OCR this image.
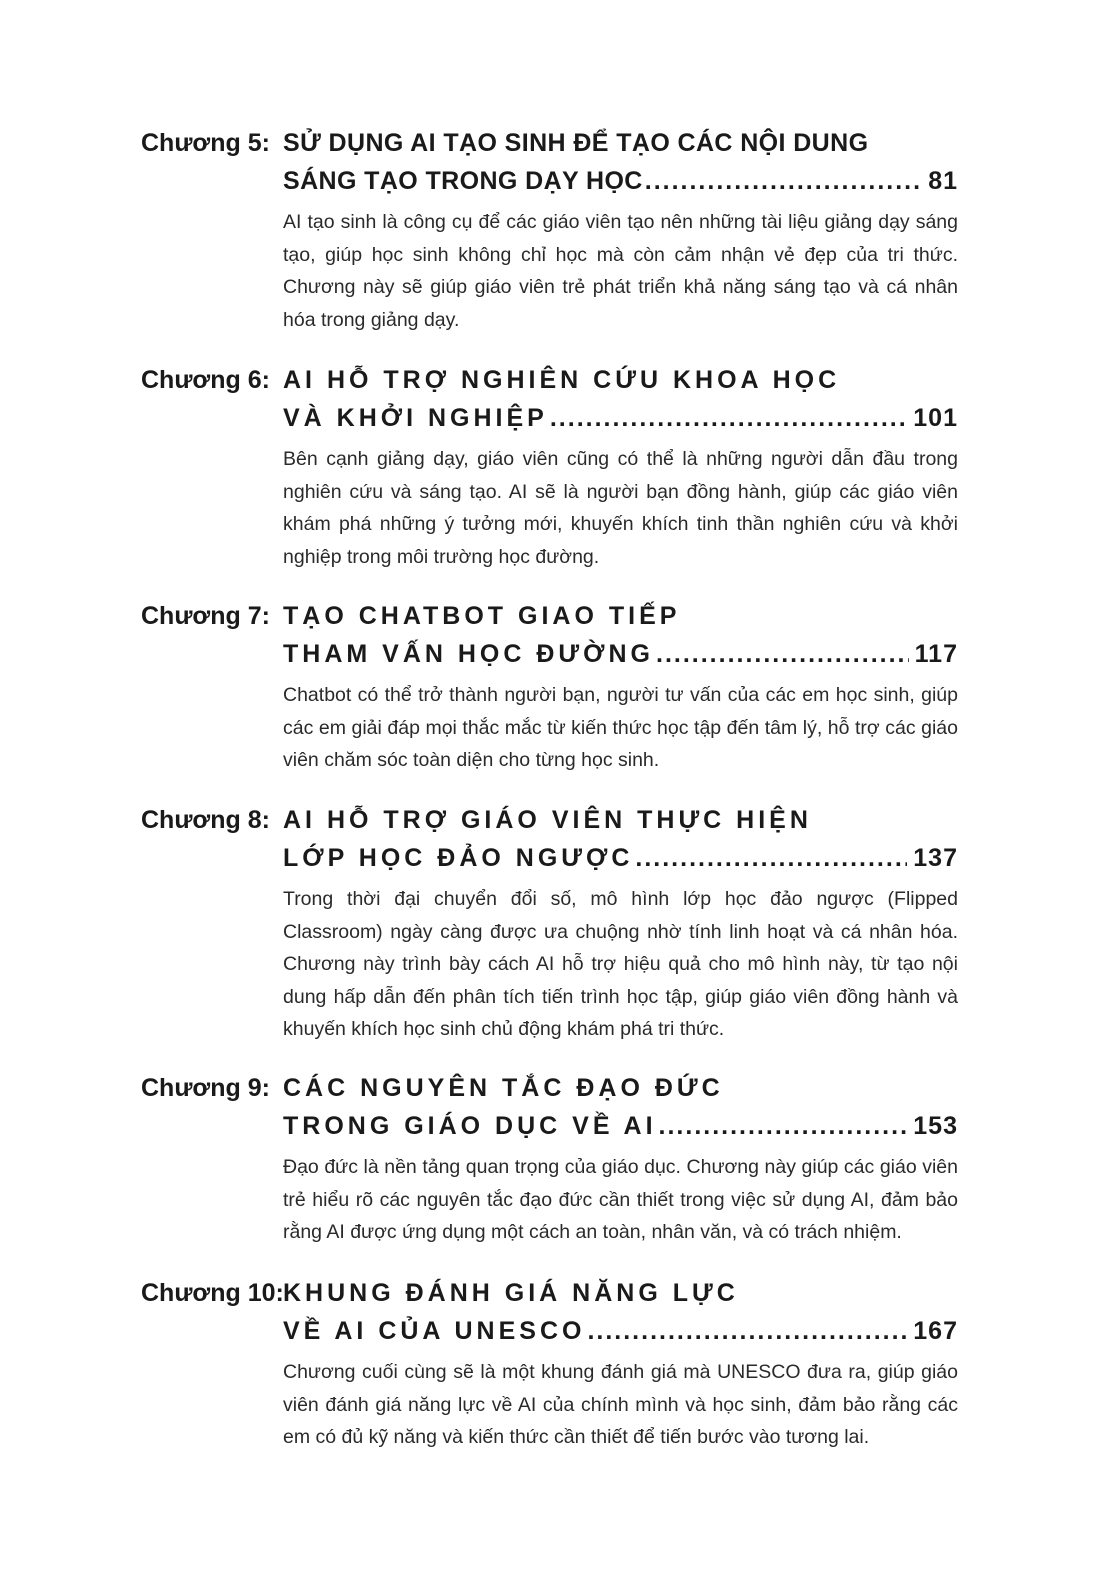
Chương 5: SỬ DỤNG AI TẠO SINH ĐỂ TẠO CÁC NỘI DUNG
SÁNG TẠO TRONG DẠY HỌC .....	81

AI tạo sinh là công cụ để các giáo viên tạo nên những tài liệu giảng dạy sáng tạo, giúp học sinh không chỉ học mà còn cảm nhận vẻ đẹp của tri thức. Chương này sẽ giúp giáo viên trẻ phát triển khả năng sáng tạo và cá nhân hóa trong giảng dạy.

Chương 6: AI HỖ TRỢ NGHIÊN CỨU KHOA HỌC
VÀ KHỞI NGHIỆP .....	101

Bên cạnh giảng dạy, giáo viên cũng có thể là những người dẫn đầu trong nghiên cứu và sáng tạo. AI sẽ là người bạn đồng hành, giúp các giáo viên khám phá những ý tưởng mới, khuyến khích tinh thần nghiên cứu và khởi nghiệp trong môi trường học đường.

Chương 7: TẠO CHATBOT GIAO TIẾP
THAM VẤN HỌC ĐƯỜNG .....	117

Chatbot có thể trở thành người bạn, người tư vấn của các em học sinh, giúp các em giải đáp mọi thắc mắc từ kiến thức học tập đến tâm lý, hỗ trợ các giáo viên chăm sóc toàn diện cho từng học sinh.

Chương 8: AI HỖ TRỢ GIÁO VIÊN THỰC HIỆN
LỚP HỌC ĐẢO NGƯỢC .....	137

Trong thời đại chuyển đổi số, mô hình lớp học đảo ngược (Flipped Classroom) ngày càng được ưa chuộng nhờ tính linh hoạt và cá nhân hóa. Chương này trình bày cách AI hỗ trợ hiệu quả cho mô hình này, từ tạo nội dung hấp dẫn đến phân tích tiến trình học tập, giúp giáo viên đồng hành và khuyến khích học sinh chủ động khám phá tri thức.

Chương 9: CÁC NGUYÊN TẮC ĐẠO ĐỨC
TRONG GIÁO DỤC VỀ AI .....	153

Đạo đức là nền tảng quan trọng của giáo dục. Chương này giúp các giáo viên trẻ hiểu rõ các nguyên tắc đạo đức cần thiết trong việc sử dụng AI, đảm bảo rằng AI được ứng dụng một cách an toàn, nhân văn, và có trách nhiệm.

Chương 10: KHUNG ĐÁNH GIÁ NĂNG LỰC
VỀ AI CỦA UNESCO .....	167

Chương cuối cùng sẽ là một khung đánh giá mà UNESCO đưa ra, giúp giáo viên đánh giá năng lực về AI của chính mình và học sinh, đảm bảo rằng các em có đủ kỹ năng và kiến thức cần thiết để tiến bước vào tương lai.
